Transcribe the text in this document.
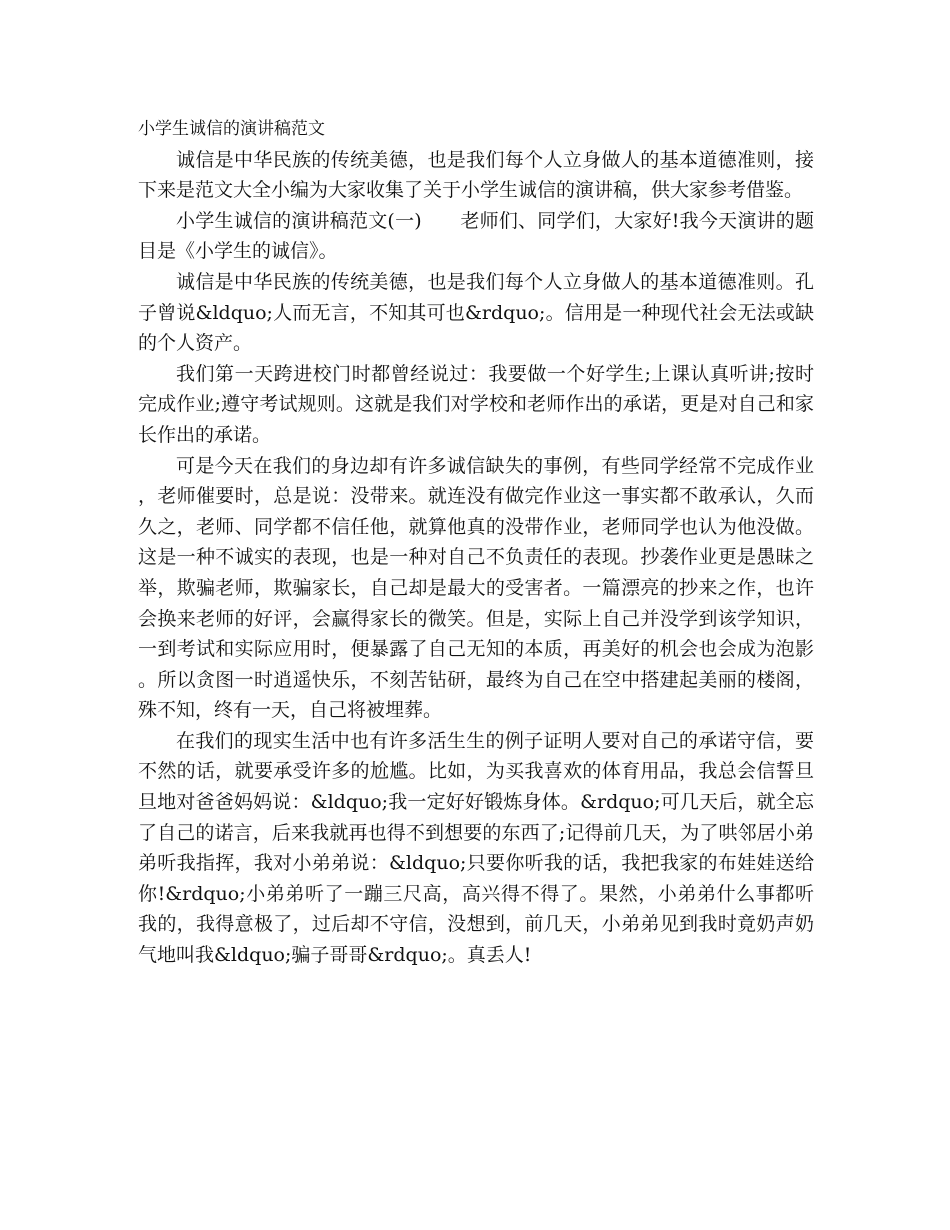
小学生诚信的演讲稿范文

诚信是中华民族的传统美德，也是我们每个人立身做人的基本道德准则，接下来是范文大全小编为大家收集了关于小学生诚信的演讲稿，供大家参考借鉴。

小学生诚信的演讲稿范文(一)　　老师们、同学们，大家好!我今天演讲的题目是《小学生的诚信》。

诚信是中华民族的传统美德，也是我们每个人立身做人的基本道德准则。孔子曾说&ldquo;人而无言，不知其可也&rdquo;。信用是一种现代社会无法或缺的个人资产。

我们第一天跨进校门时都曾经说过：我要做一个好学生;上课认真听讲;按时完成作业;遵守考试规则。这就是我们对学校和老师作出的承诺，更是对自己和家长作出的承诺。

可是今天在我们的身边却有许多诚信缺失的事例，有些同学经常不完成作业，老师催要时，总是说：没带来。就连没有做完作业这一事实都不敢承认，久而久之，老师、同学都不信任他，就算他真的没带作业，老师同学也认为他没做。这是一种不诚实的表现，也是一种对自己不负责任的表现。抄袭作业更是愚昧之举，欺骗老师，欺骗家长，自己却是最大的受害者。一篇漂亮的抄来之作，也许会换来老师的好评，会赢得家长的微笑。但是，实际上自己并没学到该学知识，一到考试和实际应用时，便暴露了自己无知的本质，再美好的机会也会成为泡影。所以贪图一时逍遥快乐，不刻苦钻研，最终为自己在空中搭建起美丽的楼阁，殊不知，终有一天，自己将被埋葬。

在我们的现实生活中也有许多活生生的例子证明人要对自己的承诺守信，要不然的话，就要承受许多的尬尴。比如，为买我喜欢的体育用品，我总会信誓旦旦地对爸爸妈妈说：&ldquo;我一定好好锻炼身体。&rdquo;可几天后，就全忘了自己的诺言，后来我就再也得不到想要的东西了;记得前几天，为了哄邻居小弟弟听我指挥，我对小弟弟说：&ldquo;只要你听我的话，我把我家的布娃娃送给你!&rdquo;小弟弟听了一蹦三尺高，高兴得不得了。果然，小弟弟什么事都听我的，我得意极了，过后却不守信，没想到，前几天，小弟弟见到我时竟奶声奶气地叫我&ldquo;骗子哥哥&rdquo;。真丢人!
